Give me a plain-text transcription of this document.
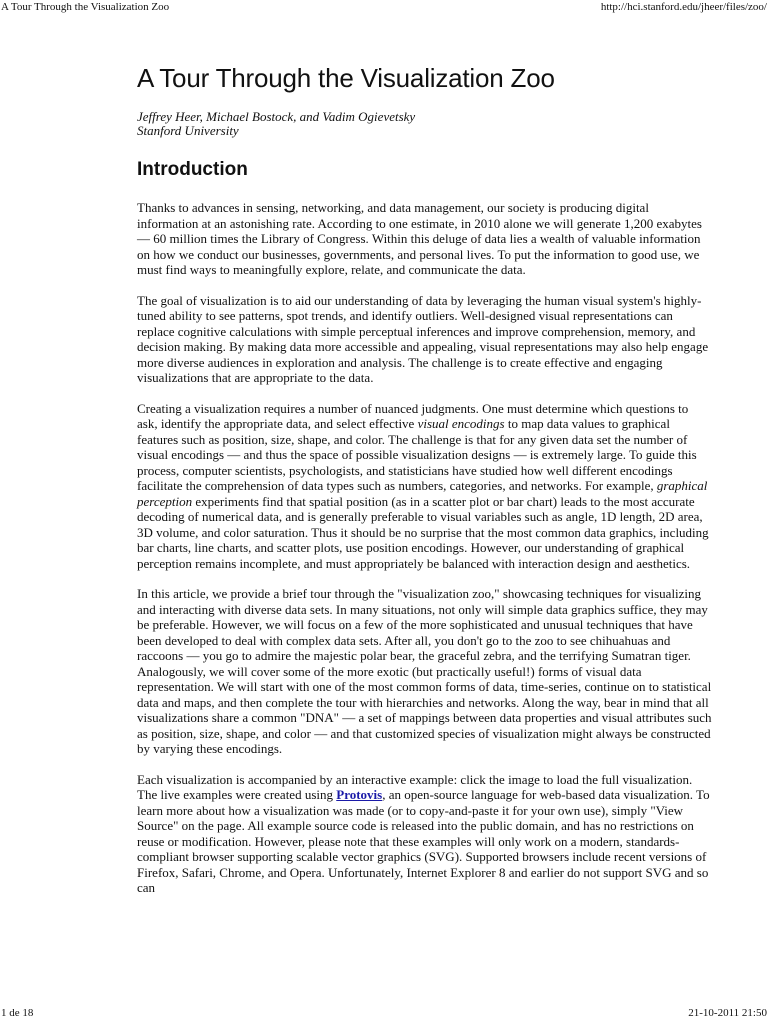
A Tour Through the Visualization Zoo	http://hci.stanford.edu/jheer/files/zoo/
A Tour Through the Visualization Zoo

Jeffrey Heer, Michael Bostock, and Vadim Ogievetsky

Stanford University

Introduction

Thanks to advances in sensing, networking, and data management, our society is producing digital information at an astonishing rate. According to one estimate, in 2010 alone we will generate 1,200 exabytes — 60 million times the Library of Congress. Within this deluge of data lies a wealth of valuable information on how we conduct our businesses, governments, and personal lives. To put the information to good use, we must find ways to meaningfully explore, relate, and communicate the data.

The goal of visualization is to aid our understanding of data by leveraging the human visual system's highly-tuned ability to see patterns, spot trends, and identify outliers. Well-designed visual representations can replace cognitive calculations with simple perceptual inferences and improve comprehension, memory, and decision making. By making data more accessible and appealing, visual representations may also help engage more diverse audiences in exploration and analysis. The challenge is to create effective and engaging visualizations that are appropriate to the data.

Creating a visualization requires a number of nuanced judgments. One must determine which questions to ask, identify the appropriate data, and select effective visual encodings to map data values to graphical features such as position, size, shape, and color. The challenge is that for any given data set the number of visual encodings — and thus the space of possible visualization designs — is extremely large. To guide this process, computer scientists, psychologists, and statisticians have studied how well different encodings facilitate the comprehension of data types such as numbers, categories, and networks. For example, graphical perception experiments find that spatial position (as in a scatter plot or bar chart) leads to the most accurate decoding of numerical data, and is generally preferable to visual variables such as angle, 1D length, 2D area, 3D volume, and color saturation. Thus it should be no surprise that the most common data graphics, including bar charts, line charts, and scatter plots, use position encodings. However, our understanding of graphical perception remains incomplete, and must appropriately be balanced with interaction design and aesthetics.

In this article, we provide a brief tour through the "visualization zoo," showcasing techniques for visualizing and interacting with diverse data sets. In many situations, not only will simple data graphics suffice, they may be preferable. However, we will focus on a few of the more sophisticated and unusual techniques that have been developed to deal with complex data sets. After all, you don't go to the zoo to see chihuahuas and raccoons — you go to admire the majestic polar bear, the graceful zebra, and the terrifying Sumatran tiger. Analogously, we will cover some of the more exotic (but practically useful!) forms of visual data representation. We will start with one of the most common forms of data, time-series, continue on to statistical data and maps, and then complete the tour with hierarchies and networks. Along the way, bear in mind that all visualizations share a common "DNA" — a set of mappings between data properties and visual attributes such as position, size, shape, and color — and that customized species of visualization might always be constructed by varying these encodings.

Each visualization is accompanied by an interactive example: click the image to load the full visualization. The live examples were created using Protovis, an open-source language for web-based data visualization. To learn more about how a visualization was made (or to copy-and-paste it for your own use), simply "View Source" on the page. All example source code is released into the public domain, and has no restrictions on reuse or modification. However, please note that these examples will only work on a modern, standards-compliant browser supporting scalable vector graphics (SVG). Supported browsers include recent versions of Firefox, Safari, Chrome, and Opera. Unfortunately, Internet Explorer 8 and earlier do not support SVG and so can

1 de 18	21-10-2011 21:50
